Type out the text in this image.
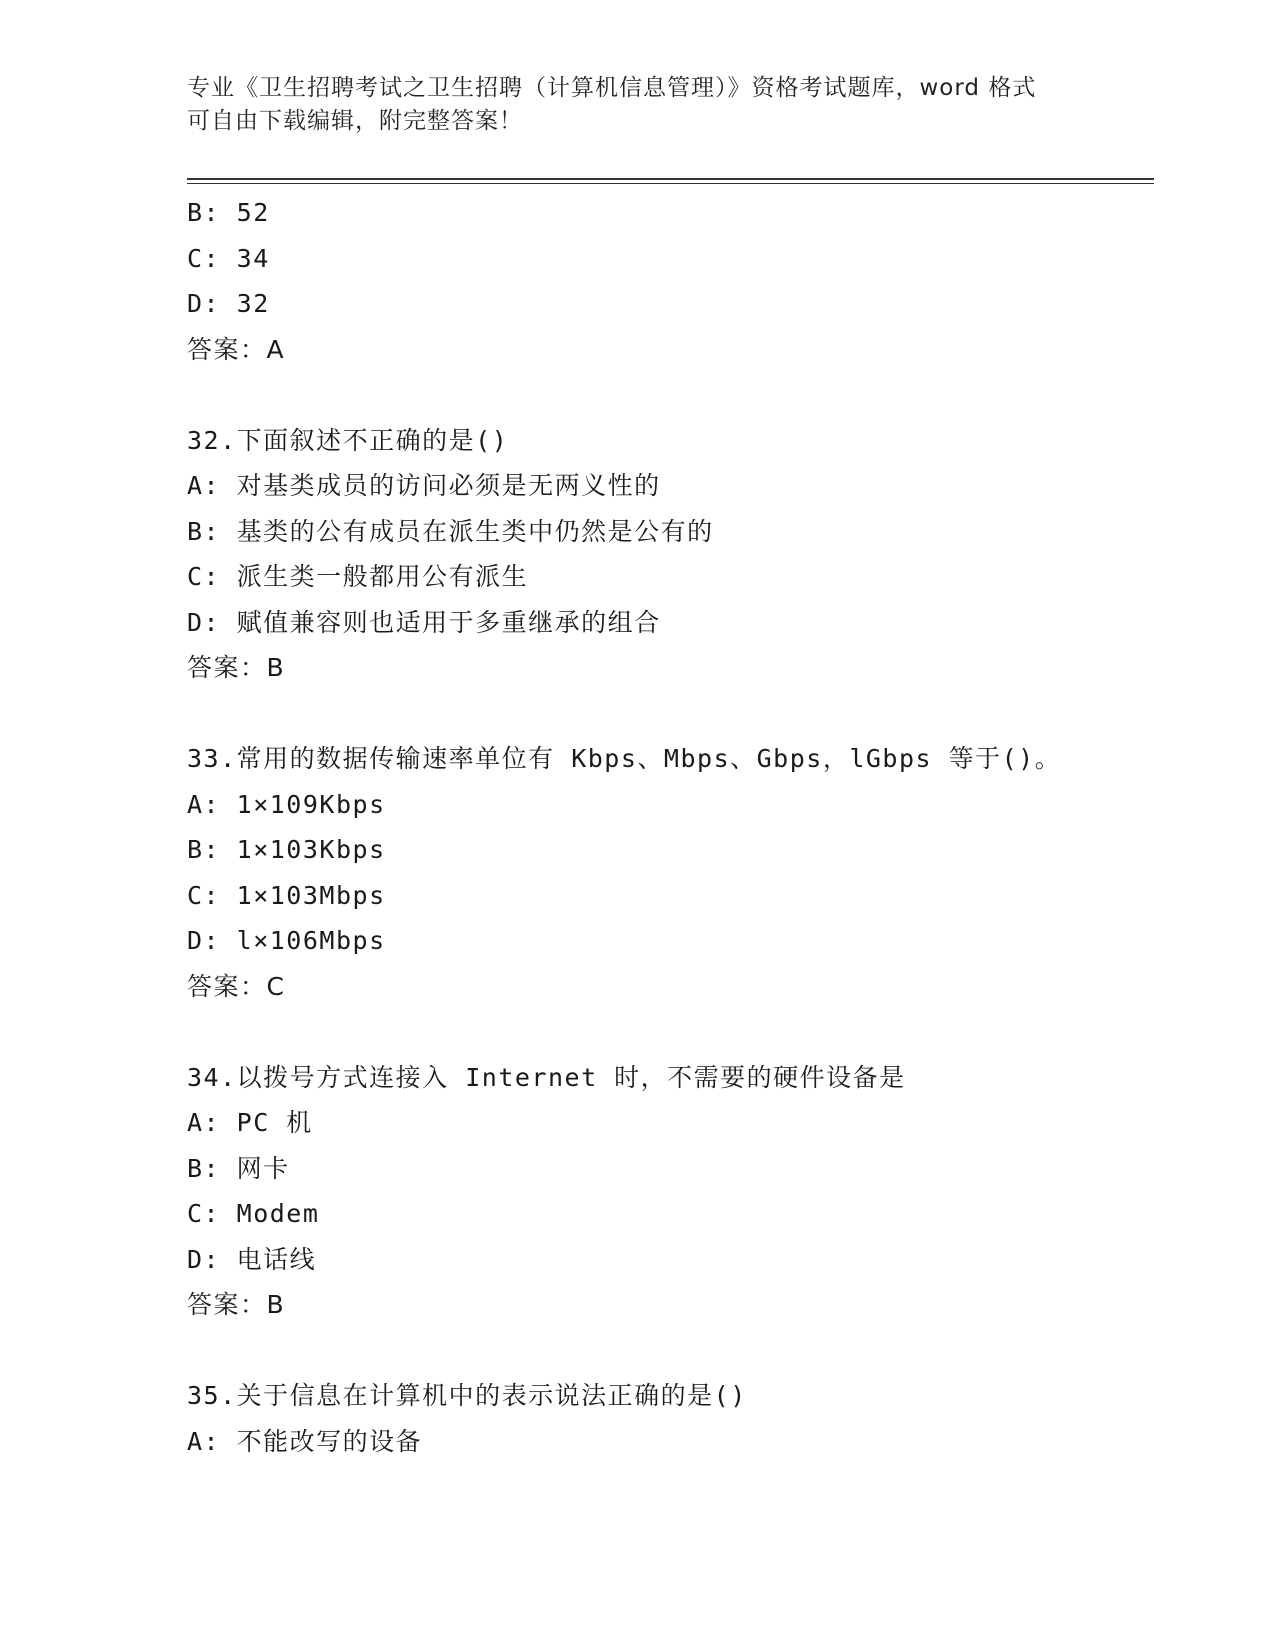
专业《卫生招聘考试之卫生招聘（计算机信息管理）》资格考试题库，word 格式
可自由下载编辑，附完整答案！
B: 52
C: 34
D: 32
答案：A
32.下面叙述不正确的是()
A: 对基类成员的访问必须是无两义性的
B: 基类的公有成员在派生类中仍然是公有的
C: 派生类一般都用公有派生
D: 赋值兼容则也适用于多重继承的组合
答案：B
33.常用的数据传输速率单位有 Kbps、Mbps、Gbps，lGbps 等于()。
A: 1×109Kbps
B: 1×103Kbps
C: 1×103Mbps
D: l×106Mbps
答案：C
34.以拨号方式连接入 Internet 时，不需要的硬件设备是
A: PC 机
B: 网卡
C: Modem
D: 电话线
答案：B
35.关于信息在计算机中的表示说法正确的是()
A: 不能改写的设备
